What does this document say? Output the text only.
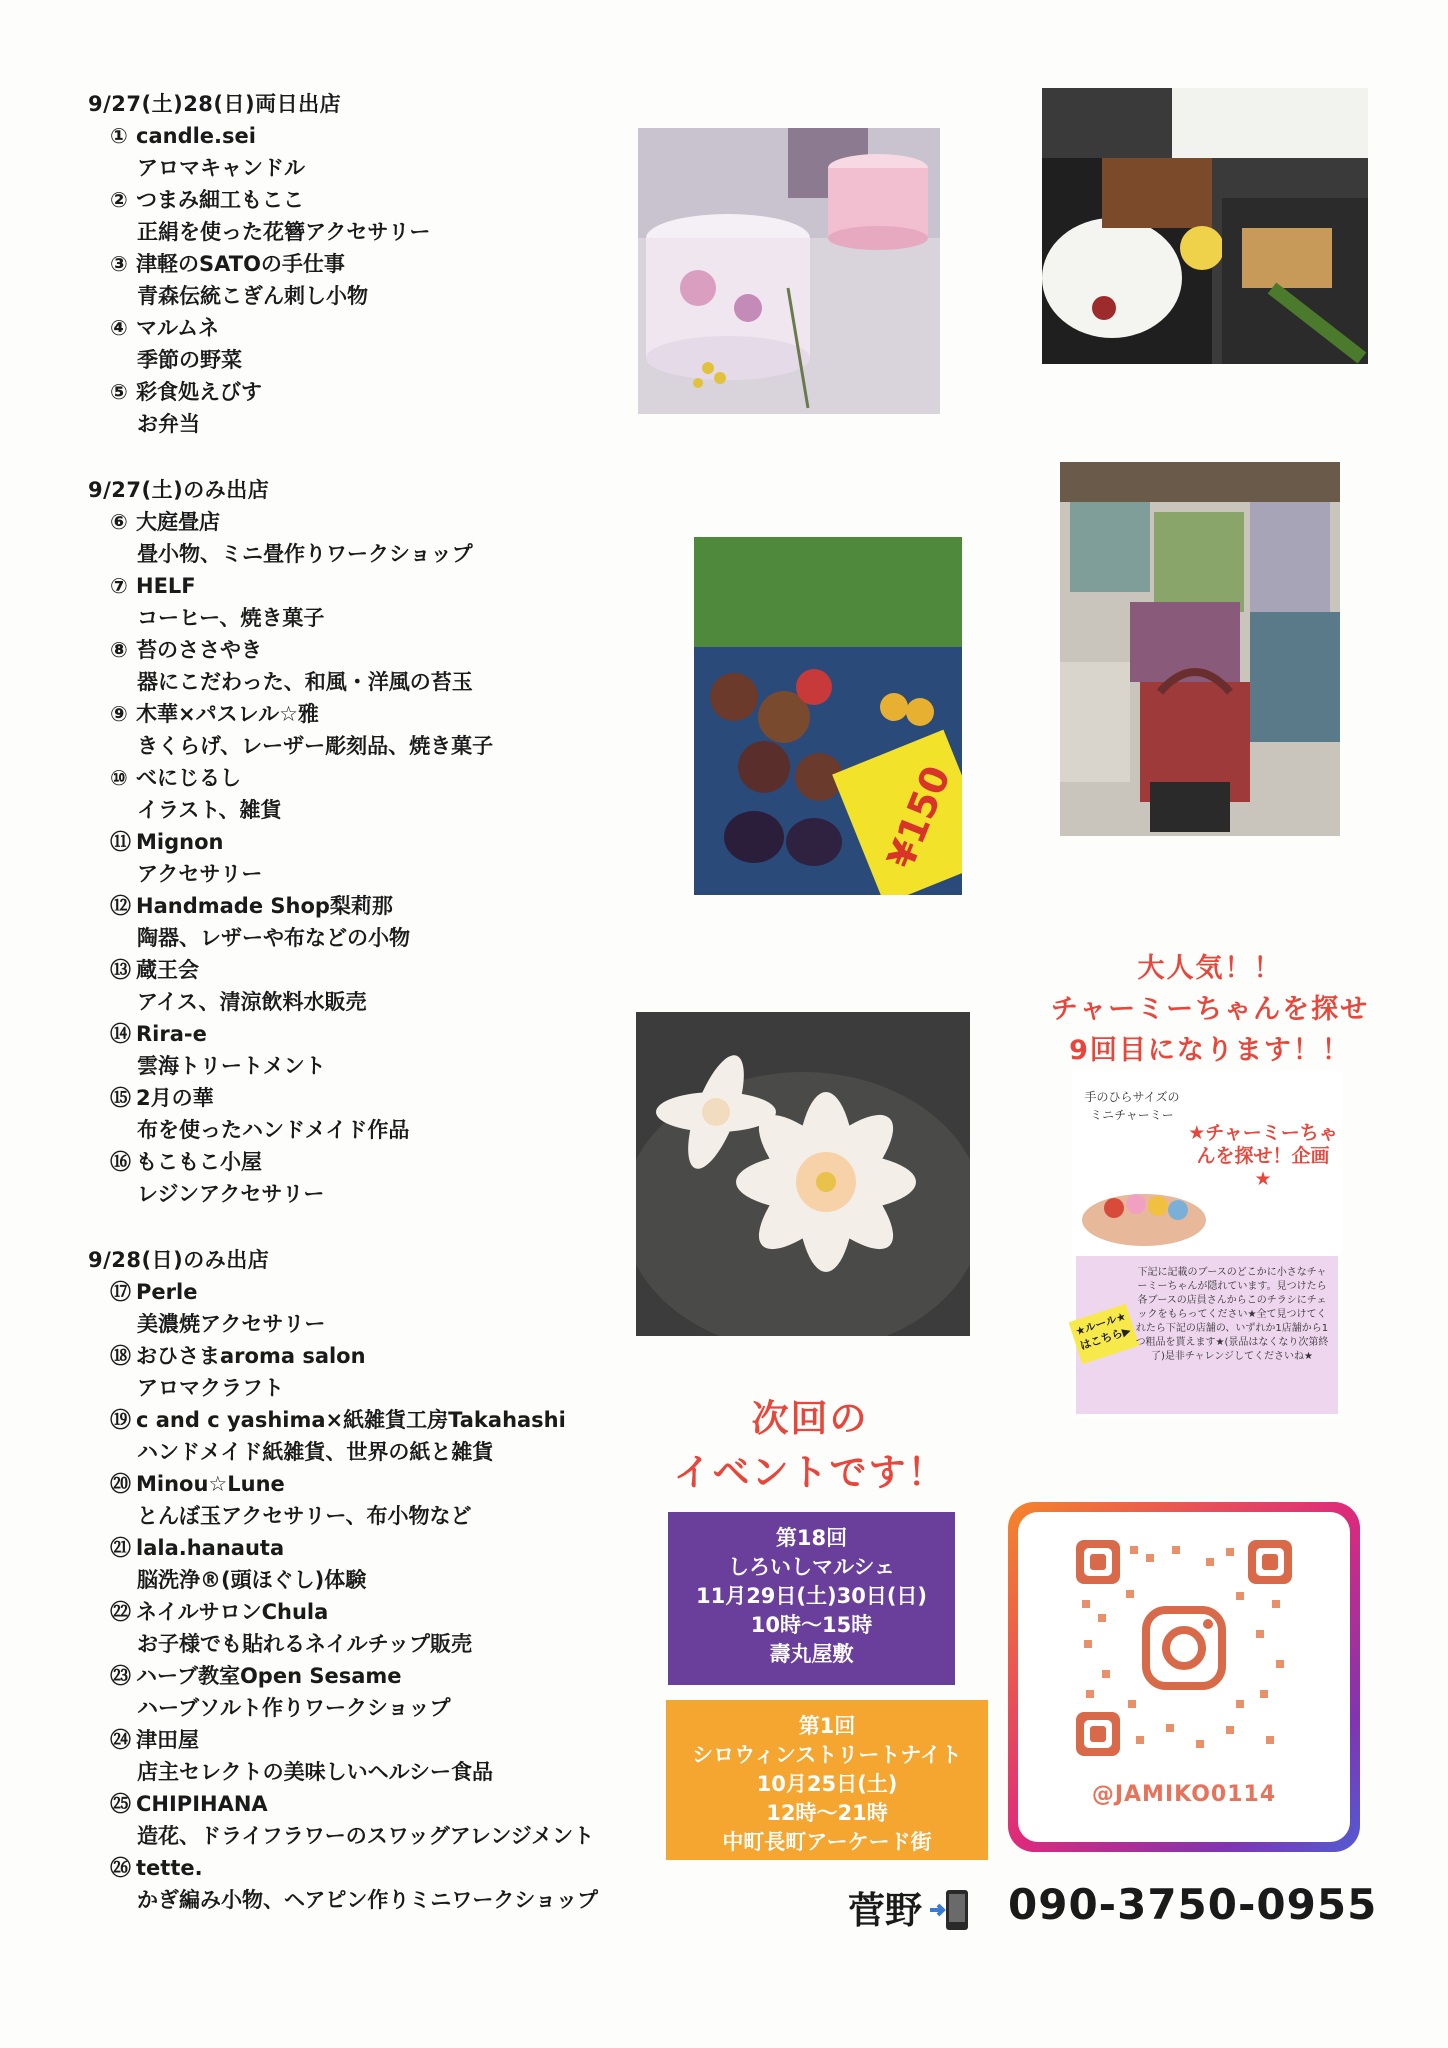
9/27(土)28(日)両日出店
① candle.sei
アロマキャンドル
② つまみ細工もここ
正絹を使った花簪アクセサリー
③ 津軽のSATOの手仕事
青森伝統こぎん刺し小物
④ マルムネ
季節の野菜
⑤ 彩食処えびす
お弁当
9/27(土)のみ出店
⑥ 大庭畳店
畳小物、ミニ畳作りワークショップ
⑦ HELF
コーヒー、焼き菓子
⑧ 苔のささやき
器にこだわった、和風・洋風の苔玉
⑨ 木華×パスレル☆雅
きくらげ、レーザー彫刻品、焼き菓子
⑩ べにじるし
イラスト、雑貨
⑪ Mignon
アクセサリー
⑫ Handmade Shop梨莉那
陶器、レザーや布などの小物
⑬ 蔵王会
アイス、清涼飲料水販売
⑭ Rira-e
雲海トリートメント
⑮ 2月の華
布を使ったハンドメイド作品
⑯ もこもこ小屋
レジンアクセサリー
9/28(日)のみ出店
⑰ Perle
美濃焼アクセサリー
⑱ おひさまaroma salon
アロマクラフト
⑲ c and c yashima×紙雑貨工房Takahashi
ハンドメイド紙雑貨、世界の紙と雑貨
⑳ Minou☆Lune
とんぼ玉アクセサリー、布小物など
㉑ lala.hanauta
脳洗浄®(頭ほぐし)体験
㉒ ネイルサロンChula
お子様でも貼れるネイルチップ販売
㉓ ハーブ教室Open Sesame
ハーブソルト作りワークショップ
㉔ 津田屋
店主セレクトの美味しいヘルシー食品
㉕ CHIPIHANA
造花、ドライフラワーのスワッグアレンジメント
㉖ tette.
かぎ編み小物、ヘアピン作りミニワークショップ
¥150
大人気！！
チャーミーちゃんを探せ
9回目になります！！
手のひらサイズのミニチャーミー
★チャーミーちゃんを探せ！企画★
★ルール★はこちら▶
下記に記載のブースのどこかに小さなチャーミーちゃんが隠れています。見つけたら各ブースの店員さんからこのチラシにチェックをもらってください★全て見つけてくれたら下記の店舗の、いずれか1店舗から1つ粗品を貰えます★(景品はなくなり次第終了)是非チャレンジしてくださいね★
次回の
イベントです！
第18回
しろいしマルシェ
11月29日(土)30日(日)
10時〜15時
壽丸屋敷
第1回
シロウィンストリートナイト
10月25日(土)
12時〜21時
中町長町アーケード街
@JAMIKO0114
菅野 090-3750-0955
